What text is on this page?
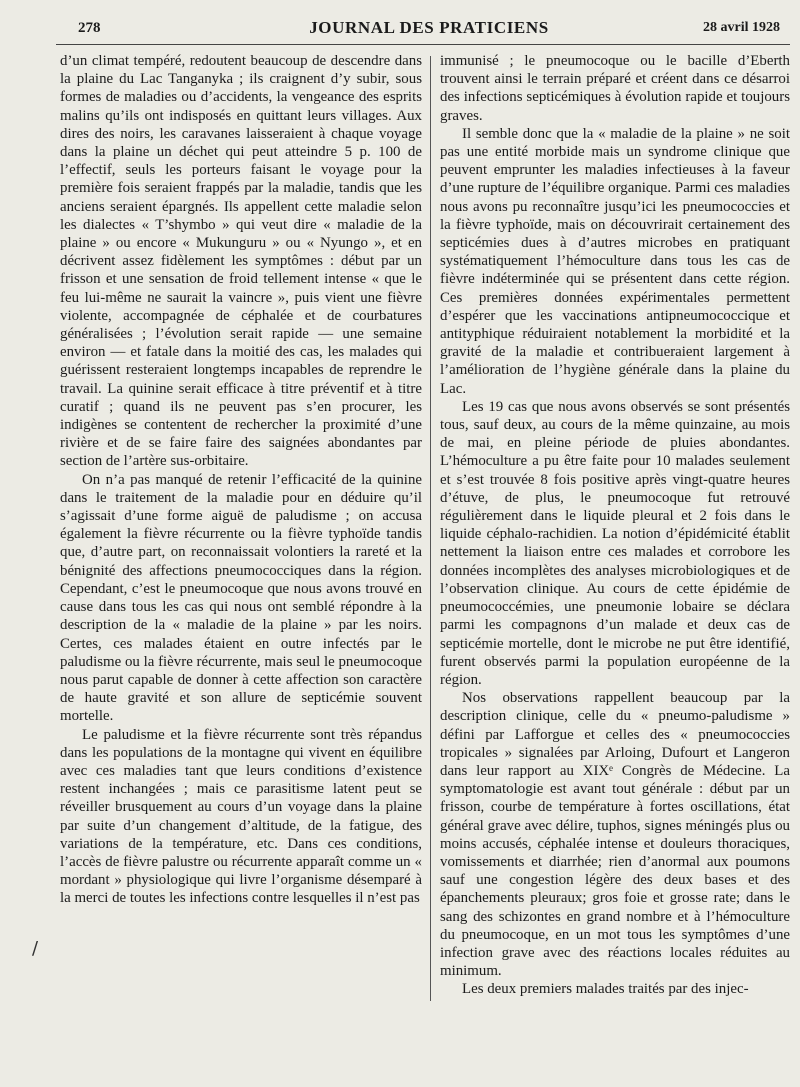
278	JOURNAL DES PRATICIENS	28 avril 1928

d’un climat tempéré, redoutent beaucoup de descendre dans la plaine du Lac Tanganyka ; ils craignent d’y subir, sous formes de maladies ou d’accidents, la vengeance des esprits malins qu’ils ont indisposés en quittant leurs villages. Aux dires des noirs, les caravanes laisseraient à chaque voyage dans la plaine un déchet qui peut atteindre 5 p. 100 de l’effectif, seuls les porteurs faisant le voyage pour la première fois seraient frappés par la maladie, tandis que les anciens seraient épargnés. Ils appellent cette maladie selon les dialectes « T’shymbo » qui veut dire « maladie de la plaine » ou encore « Mukunguru » ou « Nyungo », et en décrivent assez fidèlement les symptômes : début par un frisson et une sensation de froid tellement intense « que le feu lui-même ne saurait la vaincre », puis vient une fièvre violente, accompagnée de céphalée et de courbatures généralisées ; l’évolution serait rapide — une semaine environ — et fatale dans la moitié des cas, les malades qui guérissent resteraient longtemps incapables de reprendre le travail. La quinine serait efficace à titre préventif et à titre curatif ; quand ils ne peuvent pas s’en procurer, les indigènes se contentent de rechercher la proximité d’une rivière et de se faire faire des saignées abondantes par section de l’artère sus-orbitaire.

On n’a pas manqué de retenir l’efficacité de la quinine dans le traitement de la maladie pour en déduire qu’il s’agissait d’une forme aiguë de paludisme ; on accusa également la fièvre récurrente ou la fièvre typhoïde tandis que, d’autre part, on reconnaissait volontiers la rareté et la bénignité des affections pneumococciques dans la région. Cependant, c’est le pneumocoque que nous avons trouvé en cause dans tous les cas qui nous ont semblé répondre à la description de la « maladie de la plaine » par les noirs. Certes, ces malades étaient en outre infectés par le paludisme ou la fièvre récurrente, mais seul le pneumocoque nous parut capable de donner à cette affection son caractère de haute gravité et son allure de septicémie souvent mortelle.

Le paludisme et la fièvre récurrente sont très répandus dans les populations de la montagne qui vivent en équilibre avec ces maladies tant que leurs conditions d’existence restent inchangées ; mais ce parasitisme latent peut se réveiller brusquement au cours d’un voyage dans la plaine par suite d’un changement d’altitude, de la fatigue, des variations de la température, etc. Dans ces conditions, l’accès de fièvre palustre ou récurrente apparaît comme un « mordant » physiologique qui livre l’organisme désemparé à la merci de toutes les infections contre lesquelles il n’est pas

immunisé ; le pneumocoque ou le bacille d’Eberth trouvent ainsi le terrain préparé et créent dans ce désarroi des infections septicémiques à évolution rapide et toujours graves.

Il semble donc que la « maladie de la plaine » ne soit pas une entité morbide mais un syndrome clinique que peuvent emprunter les maladies infectieuses à la faveur d’une rupture de l’équilibre organique. Parmi ces maladies nous avons pu reconnaître jusqu’ici les pneumococcies et la fièvre typhoïde, mais on découvrirait certainement des septicémies dues à d’autres microbes en pratiquant systématiquement l’hémoculture dans tous les cas de fièvre indéterminée qui se présentent dans cette région. Ces premières données expérimentales permettent d’espérer que les vaccinations antipneumococcique et antityphique réduiraient notablement la morbidité et la gravité de la maladie et contribueraient largement à l’amélioration de l’hygiène générale dans la plaine du Lac.

Les 19 cas que nous avons observés se sont présentés tous, sauf deux, au cours de la même quinzaine, au mois de mai, en pleine période de pluies abondantes. L’hémoculture a pu être faite pour 10 malades seulement et s’est trouvée 8 fois positive après vingt-quatre heures d’étuve, de plus, le pneumocoque fut retrouvé régulièrement dans le liquide pleural et 2 fois dans le liquide céphalo-rachidien. La notion d’épidémicité établit nettement la liaison entre ces malades et corrobore les données incomplètes des analyses microbiologiques et de l’observation clinique. Au cours de cette épidémie de pneumococcémies, une pneumonie lobaire se déclara parmi les compagnons d’un malade et deux cas de septicémie mortelle, dont le microbe ne put être identifié, furent observés parmi la population européenne de la région.

Nos observations rappellent beaucoup par la description clinique, celle du « pneumo-paludisme » défini par Lafforgue et celles des « pneumococcies tropicales » signalées par Arloing, Dufourt et Langeron dans leur rapport au XIXᵉ Congrès de Médecine. La symptomatologie est avant tout générale : début par un frisson, courbe de température à fortes oscillations, état général grave avec délire, tuphos, signes méningés plus ou moins accusés, céphalée intense et douleurs thoraciques, vomissements et diarrhée; rien d’anormal aux poumons sauf une congestion légère des deux bases et des épanchements pleuraux; gros foie et grosse rate; dans le sang des schizontes en grand nombre et à l’hémoculture du pneumocoque, en un mot tous les symptômes d’une infection grave avec des réactions locales réduites au minimum.

Les deux premiers malades traités par des injec-

/
